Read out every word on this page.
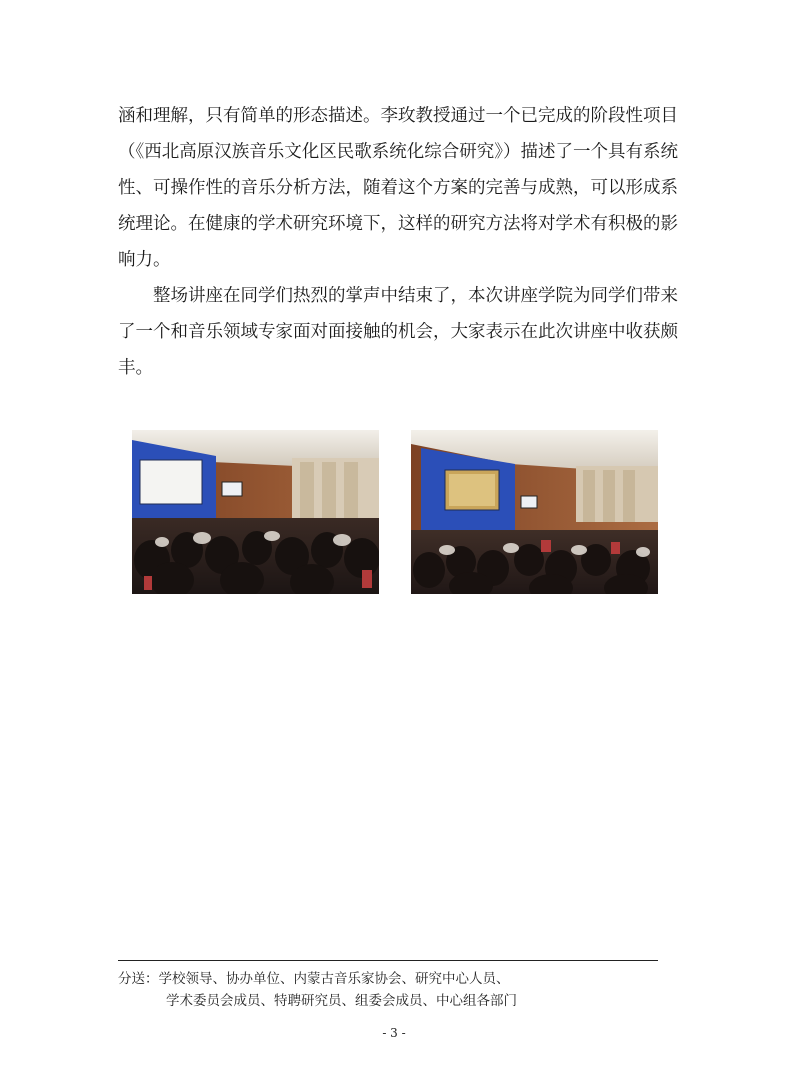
涵和理解，只有简单的形态描述。李玫教授通过一个已完成的阶段性项目（《西北高原汉族音乐文化区民歌系统化综合研究》）描述了一个具有系统性、可操作性的音乐分析方法，随着这个方案的完善与成熟，可以形成系统理论。在健康的学术研究环境下，这样的研究方法将对学术有积极的影响力。

整场讲座在同学们热烈的掌声中结束了，本次讲座学院为同学们带来了一个和音乐领域专家面对面接触的机会，大家表示在此次讲座中收获颇丰。

分送：学校领导、协办单位、内蒙古音乐家协会、研究中心人员、
学术委员会成员、特聘研究员、组委会成员、中心组各部门
- 3 -
